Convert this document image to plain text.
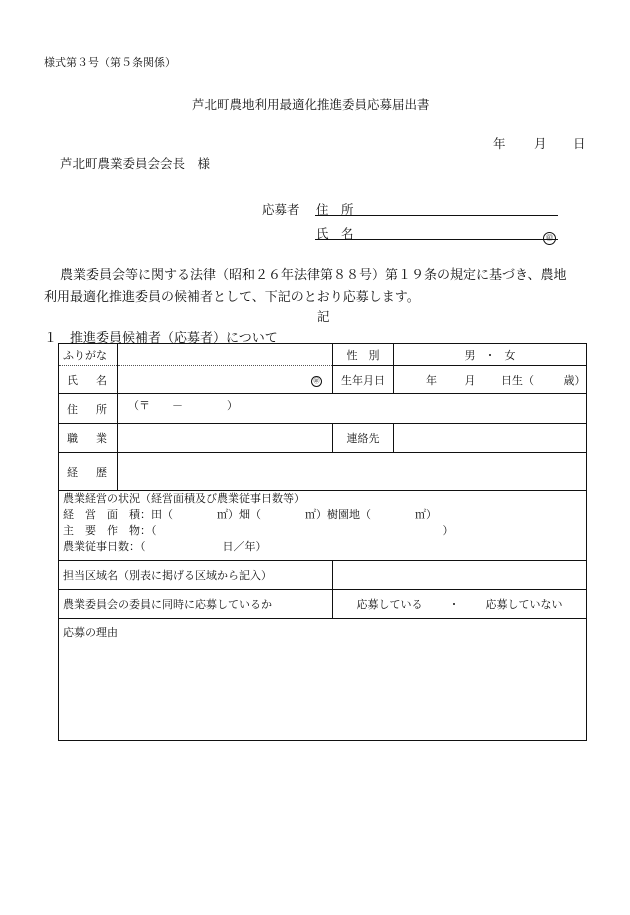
様式第３号（第５条関係）
芦北町農地利用最適化推進委員応募届出書
年 月 日
芦北町農業委員会会長　様
応募者 住　所
氏　名	㊞
農業委員会等に関する法律（昭和２６年法律第８８号）第１９条の規定に基づき、農地
利用最適化推進委員の候補者として、下記のとおり応募します。
記
１　推進委員候補者（応募者）について
ふりがな		性　別	男 ・ 女

氏 名	㊞	生年月日	年 月 日生（ 歳）

住 所	（〒　　－　　　　）		

職 業		連絡先	

経 歴			

農業経営の状況（経営面積及び農業従事日数等）
経　営　面　積：田（　　　　㎡）畑（　　　　㎡）樹園地（　　　　㎡）
主　要　作　物：（　　　　　　　　　　　　　　　　　　　　　　　　　　）
農業従事日数：（　　　　　　　日／年）			

担当区域名（別表に掲げる区域から記入）			
農業委員会の委員に同時に応募しているか		応募している ・ 応募していない	
応募の理由			
